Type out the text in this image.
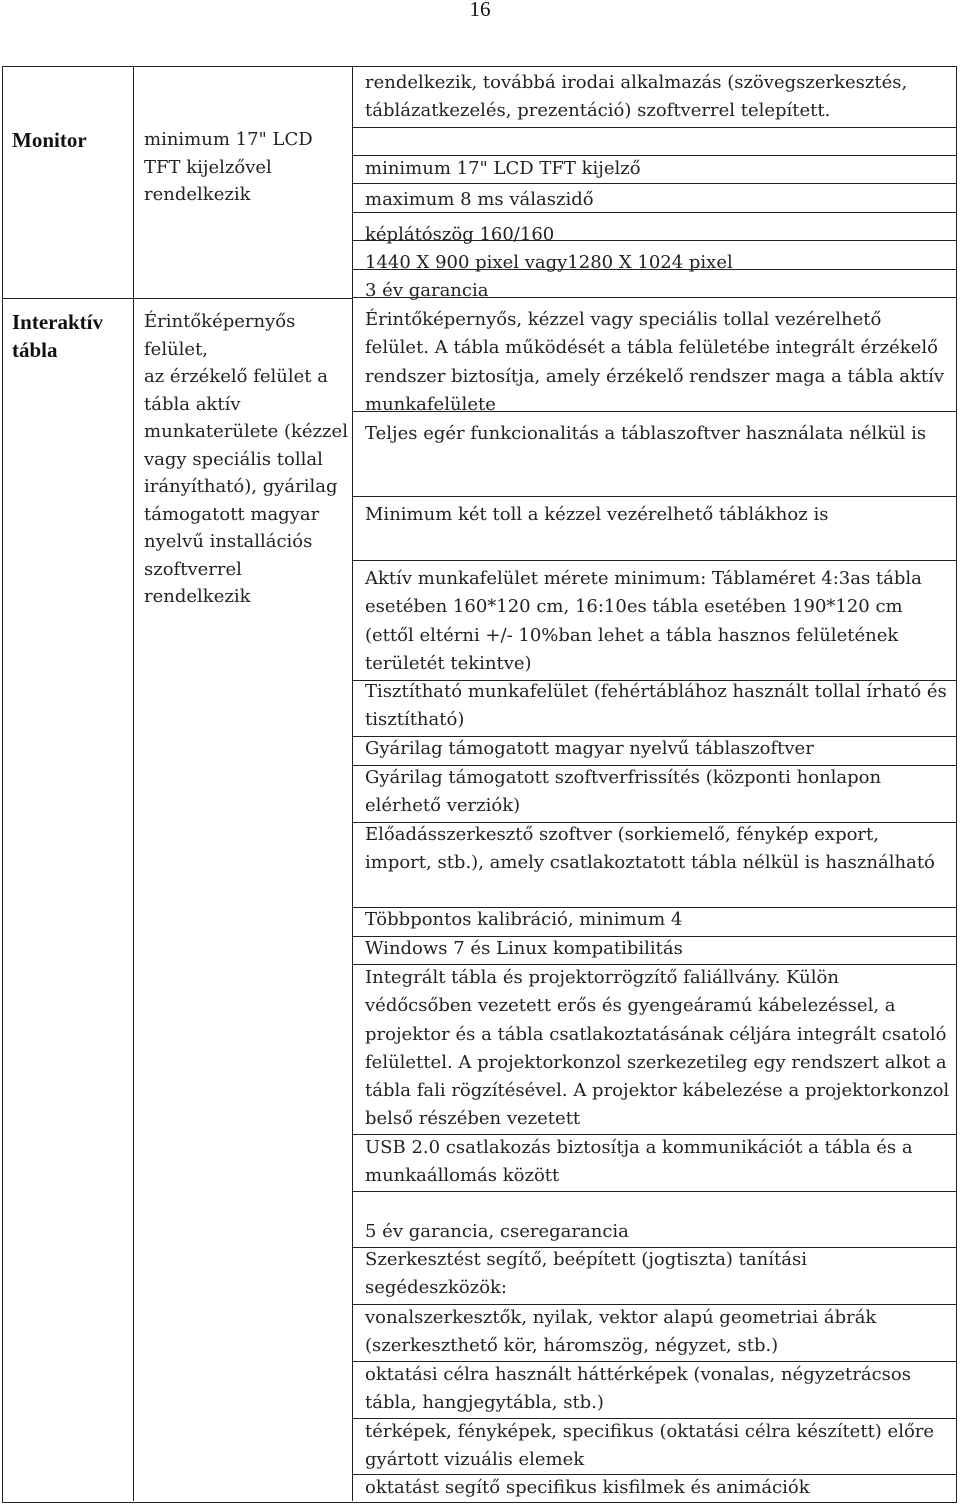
16
Monitor
Interaktív tábla
minimum 17" LCD TFT kijelzővel rendelkezik
Érintőképernyős felület,
az érzékelő felület a tábla aktív munkaterülete (kézzel vagy speciális tollal irányítható), gyárilag támogatott magyar nyelvű installációs szoftverrel rendelkezik
rendelkezik, továbbá irodai alkalmazás (szövegszerkesztés, táblázatkezelés, prezentáció) szoftverrel telepített.
minimum 17" LCD TFT kijelző
maximum 8 ms válaszidő
képlátószög 160/160
1440 X 900 pixel vagy1280 X 1024 pixel
3 év garancia
Érintőképernyős, kézzel vagy speciális tollal vezérelhető felület. A tábla működését a tábla felületébe integrált érzékelő rendszer biztosítja, amely érzékelő rendszer maga a tábla aktív munkafelülete
Teljes egér funkcionalitás a táblaszoftver használata nélkül is
Minimum két toll a kézzel vezérelhető táblákhoz is
Aktív munkafelület mérete minimum: Táblaméret 4:3as tábla esetében 160*120 cm, 16:10es tábla esetében 190*120 cm (ettől eltérni +/- 10%ban lehet a tábla hasznos felületének területét tekintve)
Tisztítható munkafelület (fehértáblához használt tollal írható és tisztítható)
Gyárilag támogatott magyar nyelvű táblaszoftver
Gyárilag támogatott szoftverfrissítés (központi honlapon elérhető verziók)
Előadásszerkesztő szoftver (sorkiemelő, fénykép export, import, stb.), amely csatlakoztatott tábla nélkül is használható
Többpontos kalibráció, minimum 4
Windows 7 és Linux kompatibilitás
Integrált tábla és projektorrögzítő faliállvány. Külön védőcsőben vezetett erős és gyengeáramú kábelezéssel, a projektor és a tábla csatlakoztatásának céljára integrált csatoló felülettel. A projektorkonzol szerkezetileg egy rendszert alkot a tábla fali rögzítésével. A projektor kábelezése a projektorkonzol belső részében vezetett
USB 2.0 csatlakozás biztosítja a kommunikációt a tábla és a munkaállomás között
5 év garancia, cseregarancia
Szerkesztést segítő, beépített (jogtiszta) tanítási segédeszközök:
vonalszerkesztők, nyilak, vektor alapú geometriai ábrák (szerkeszthető kör, háromszög, négyzet, stb.)
oktatási célra használt háttérképek (vonalas, négyzetrácsos tábla, hangjegytábla, stb.)
térképek, fényképek, specifikus (oktatási célra készített) előre gyártott vizuális elemek
oktatást segítő specifikus kisfilmek és animációk
